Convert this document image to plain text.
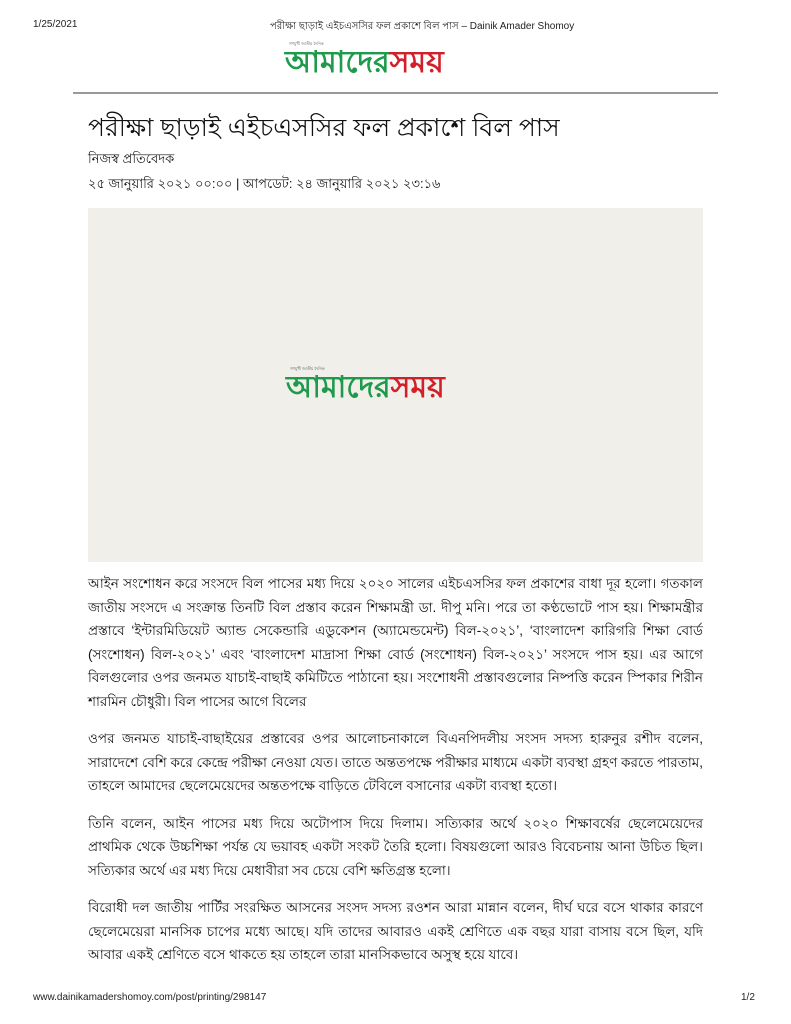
1/25/2021	পরীক্ষা ছাড়াই এইচএসসির ফল প্রকাশে বিল পাস – Dainik Amader Shomoy
গণমুখী জাতীয় দৈনিক
আমাদেরসময়
পরীক্ষা ছাড়াই এইচএসসির ফল প্রকাশে বিল পাস
নিজস্ব প্রতিবেদক
২৫ জানুয়ারি ২০২১ ০০:০০ | আপডেট: ২৪ জানুয়ারি ২০২১ ২৩:১৬
গণমুখী জাতীয় দৈনিক
আমাদেরসময়

আইন সংশোধন করে সংসদে বিল পাসের মধ্য দিয়ে ২০২০ সালের এইচএসসির ফল প্রকাশের বাধা দূর হলো। গতকাল জাতীয় সংসদে এ সংক্রান্ত তিনটি বিল প্রস্তাব করেন শিক্ষামন্ত্রী ডা. দীপু মনি। পরে তা কণ্ঠভোটে পাস হয়। শিক্ষামন্ত্রীর প্রস্তাবে ‘ইন্টারমিডিয়েট অ্যান্ড সেকেন্ডারি এডুকেশন (অ্যামেন্ডমেন্ট) বিল-২০২১’, ‘বাংলাদেশ কারিগরি শিক্ষা বোর্ড (সংশোধন) বিল-২০২১’ এবং ‘বাংলাদেশ মাদ্রাসা শিক্ষা বোর্ড (সংশোধন) বিল-২০২১’ সংসদে পাস হয়। এর আগে বিলগুলোর ওপর জনমত যাচাই-বাছাই কমিটিতে পাঠানো হয়। সংশোধনী প্রস্তাবগুলোর নিষ্পত্তি করেন স্পিকার শিরীন শারমিন চৌধুরী। বিল পাসের আগে বিলের

ওপর জনমত যাচাই-বাছাইয়ের প্রস্তাবের ওপর আলোচনাকালে বিএনপিদলীয় সংসদ সদস্য হারুনুর রশীদ বলেন, সারাদেশে বেশি করে কেন্দ্রে পরীক্ষা নেওয়া যেত। তাতে অন্ততপক্ষে পরীক্ষার মাধ্যমে একটা ব্যবস্থা গ্রহণ করতে পারতাম, তাহলে আমাদের ছেলেমেয়েদের অন্ততপক্ষে বাড়িতে টেবিলে বসানোর একটা ব্যবস্থা হতো।

তিনি বলেন, আইন পাসের মধ্য দিয়ে অটোপাস দিয়ে দিলাম। সত্যিকার অর্থে ২০২০ শিক্ষাবর্ষের ছেলেমেয়েদের প্রাথমিক থেকে উচ্চশিক্ষা পর্যন্ত যে ভয়াবহ একটা সংকট তৈরি হলো। বিষয়গুলো আরও বিবেচনায় আনা উচিত ছিল। সত্যিকার অর্থে এর মধ্য দিয়ে মেধাবীরা সব চেয়ে বেশি ক্ষতিগ্রস্ত হলো।

বিরোধী দল জাতীয় পার্টির সংরক্ষিত আসনের সংসদ সদস্য রওশন আরা মান্নান বলেন, দীর্ঘ ঘরে বসে থাকার কারণে ছেলেমেয়েরা মানসিক চাপের মধ্যে আছে। যদি তাদের আবারও একই শ্রেণিতে এক বছর যারা বাসায় বসে ছিল, যদি আবার একই শ্রেণিতে বসে থাকতে হয় তাহলে তারা মানসিকভাবে অসুস্থ হয়ে যাবে।

www.dainikamadershomoy.com/post/printing/298147	1/2
